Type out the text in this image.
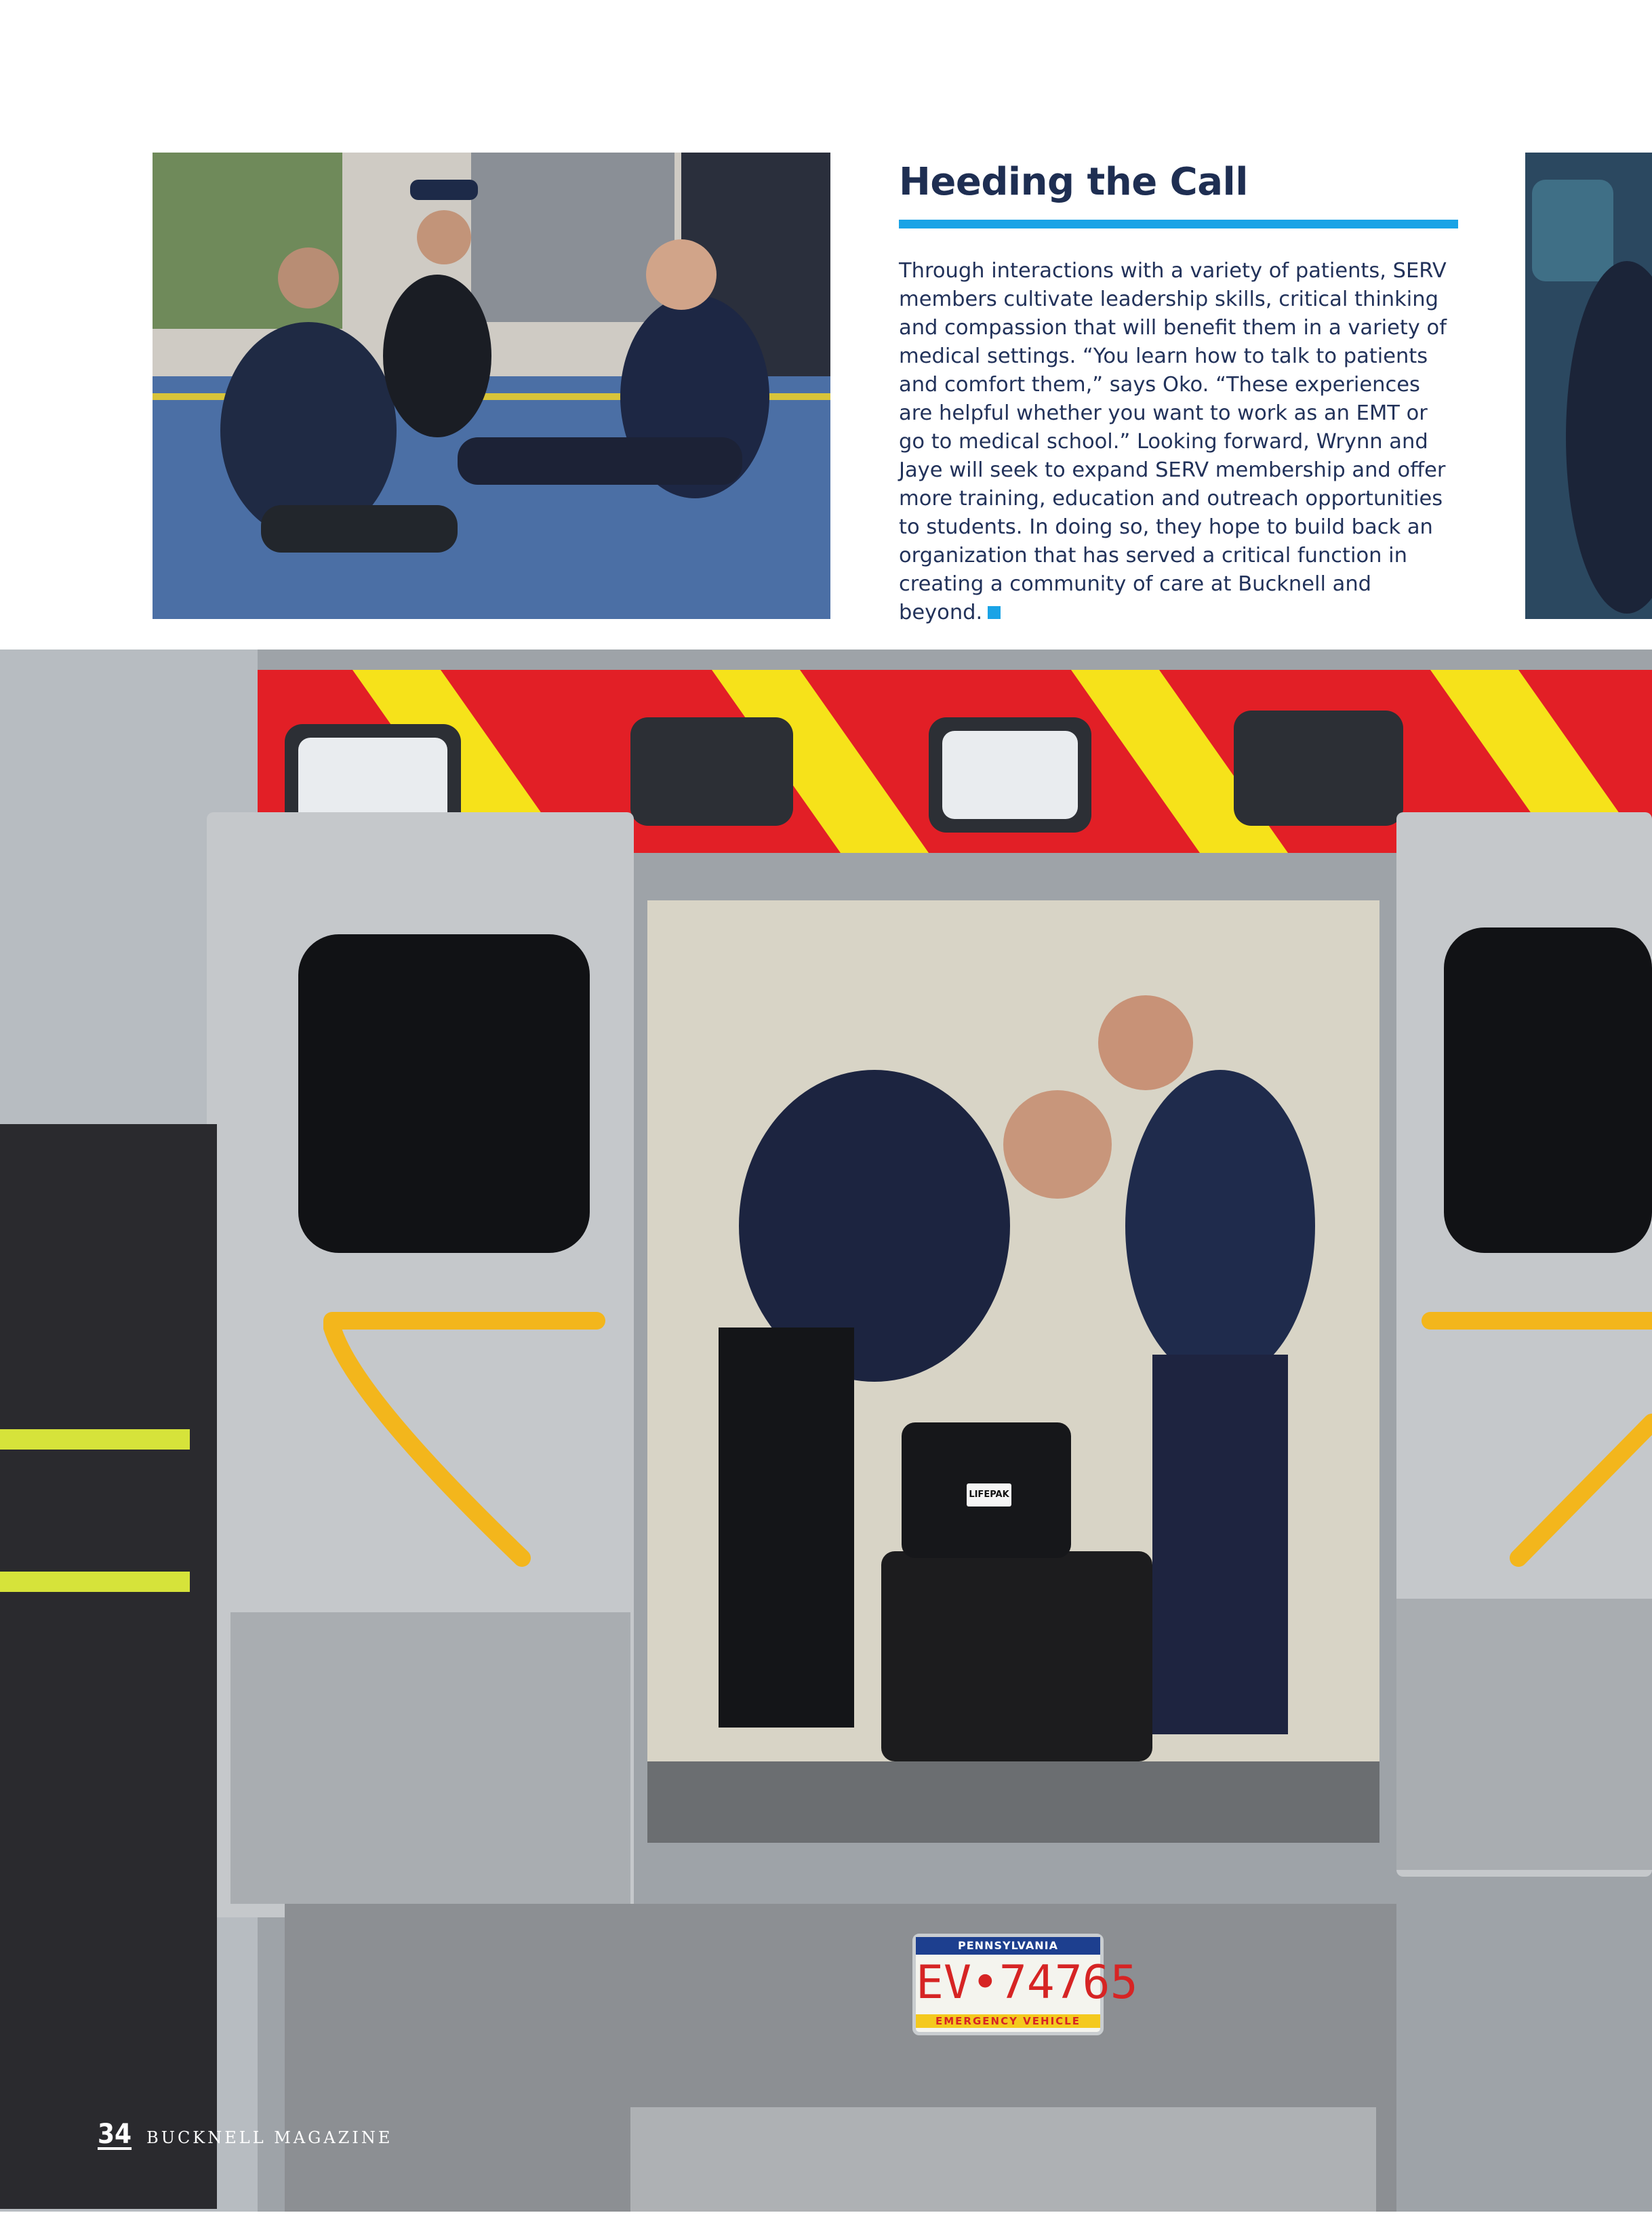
Heeding the Call

Through interactions with a variety of patients, SERV members cultivate leadership skills, critical thinking and compassion that will benefit them in a variety of medical settings. “You learn how to talk to patients and comfort them,” says Oko. “These experiences are helpful whether you want to work as an EMT or go to medical school.” Looking forward, Wrynn and Jaye will seek to expand SERV membership and offer more training, education and outreach opportunities to students. In doing so, they hope to build back an organization that has served a critical function in creating a community of care at Bucknell and beyond.

LIFEPAK
PENNSYLVANIA
EV•74765
EMERGENCY VEHICLE
34 BUCKNELL MAGAZINE
